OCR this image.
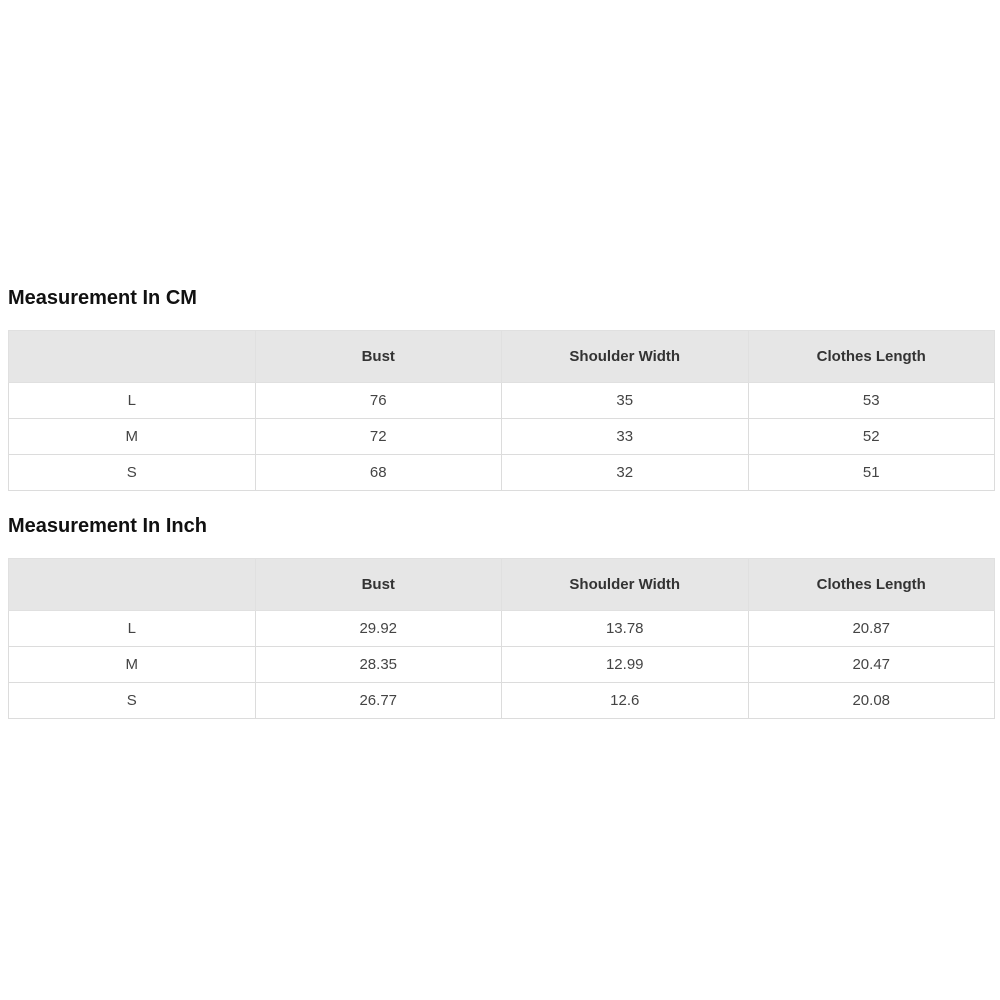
Measurement In CM
	Bust	Shoulder Width	Clothes Length
L	76	35	53
M	72	33	52
S	68	32	51
Measurement In Inch
	Bust	Shoulder Width	Clothes Length
L	29.92	13.78	20.87
M	28.35	12.99	20.47
S	26.77	12.6	20.08
